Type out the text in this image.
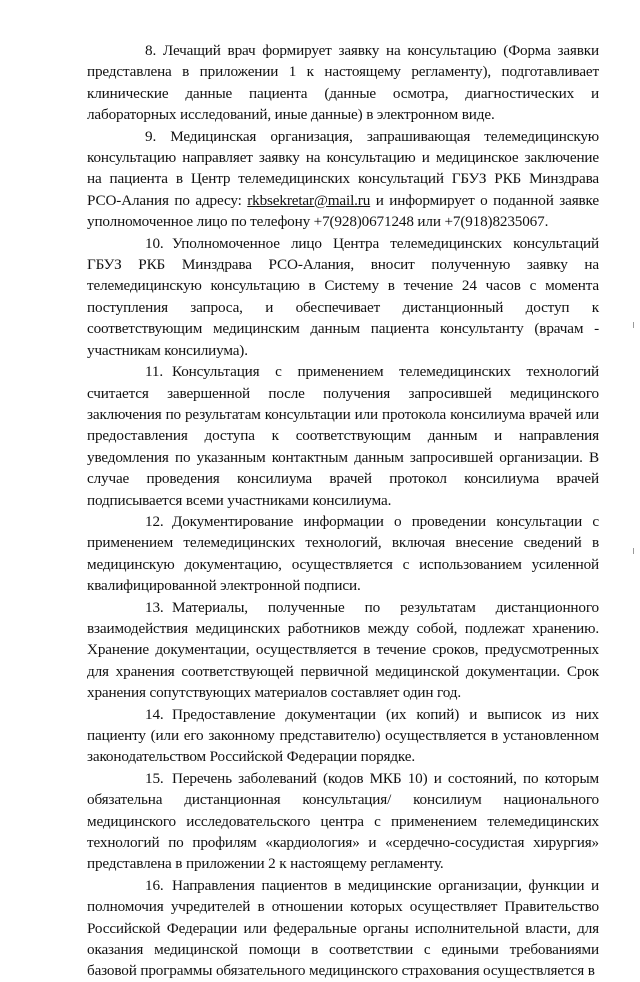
8. Лечащий врач формирует заявку на консультацию (Форма заявки представлена в приложении 1 к настоящему регламенту), подготавливает клинические данные пациента (данные осмотра, диагностических и лабораторных исследований, иные данные) в электронном виде.

9. Медицинская организация, запрашивающая телемедицинскую консультацию направляет заявку на консультацию и медицинское заключение на пациента в Центр телемедицинских консультаций ГБУЗ РКБ Минздрава РСО-Алания по адресу: rkbsekretar@mail.ru и информирует о поданной заявке уполномоченное лицо по телефону +7(928)0671248 или +7(918)8235067.

10. Уполномоченное лицо Центра телемедицинских консультаций ГБУЗ РКБ Минздрава РСО-Алания, вносит полученную заявку на телемедицинскую консультацию в Систему в течение 24 часов с момента поступления запроса, и обеспечивает дистанционный доступ к соответствующим медицинским данным пациента консультанту (врачам - участникам консилиума).

11. Консультация с применением телемедицинских технологий считается завершенной после получения запросившей медицинского заключения по результатам консультации или протокола консилиума врачей или предоставления доступа к соответствующим данным и направления уведомления по указанным контактным данным запросившей организации. В случае проведения консилиума врачей протокол консилиума врачей подписывается всеми участниками консилиума.

12. Документирование информации о проведении консультации с применением телемедицинских технологий, включая внесение сведений в медицинскую документацию, осуществляется с использованием усиленной квалифицированной электронной подписи.

13. Материалы, полученные по результатам дистанционного взаимодействия медицинских работников между собой, подлежат хранению. Хранение документации, осуществляется в течение сроков, предусмотренных для хранения соответствующей первичной медицинской документации. Срок хранения сопутствующих материалов составляет один год.

14. Предоставление документации (их копий) и выписок из них пациенту (или его законному представителю) осуществляется в установленном законодательством Российской Федерации порядке.

15. Перечень заболеваний (кодов МКБ 10) и состояний, по которым обязательна дистанционная консультация/ консилиум национального медицинского исследовательского центра с применением телемедицинских технологий по профилям «кардиология» и «сердечно-сосудистая хирургия» представлена в приложении 2 к настоящему регламенту.

16. Направления пациентов в медицинские организации, функции и полномочия учредителей в отношении которых осуществляет Правительство Российской Федерации или федеральные органы исполнительной власти, для оказания медицинской помощи в соответствии с едиными требованиями базовой программы обязательного медицинского страхования осуществляется в
